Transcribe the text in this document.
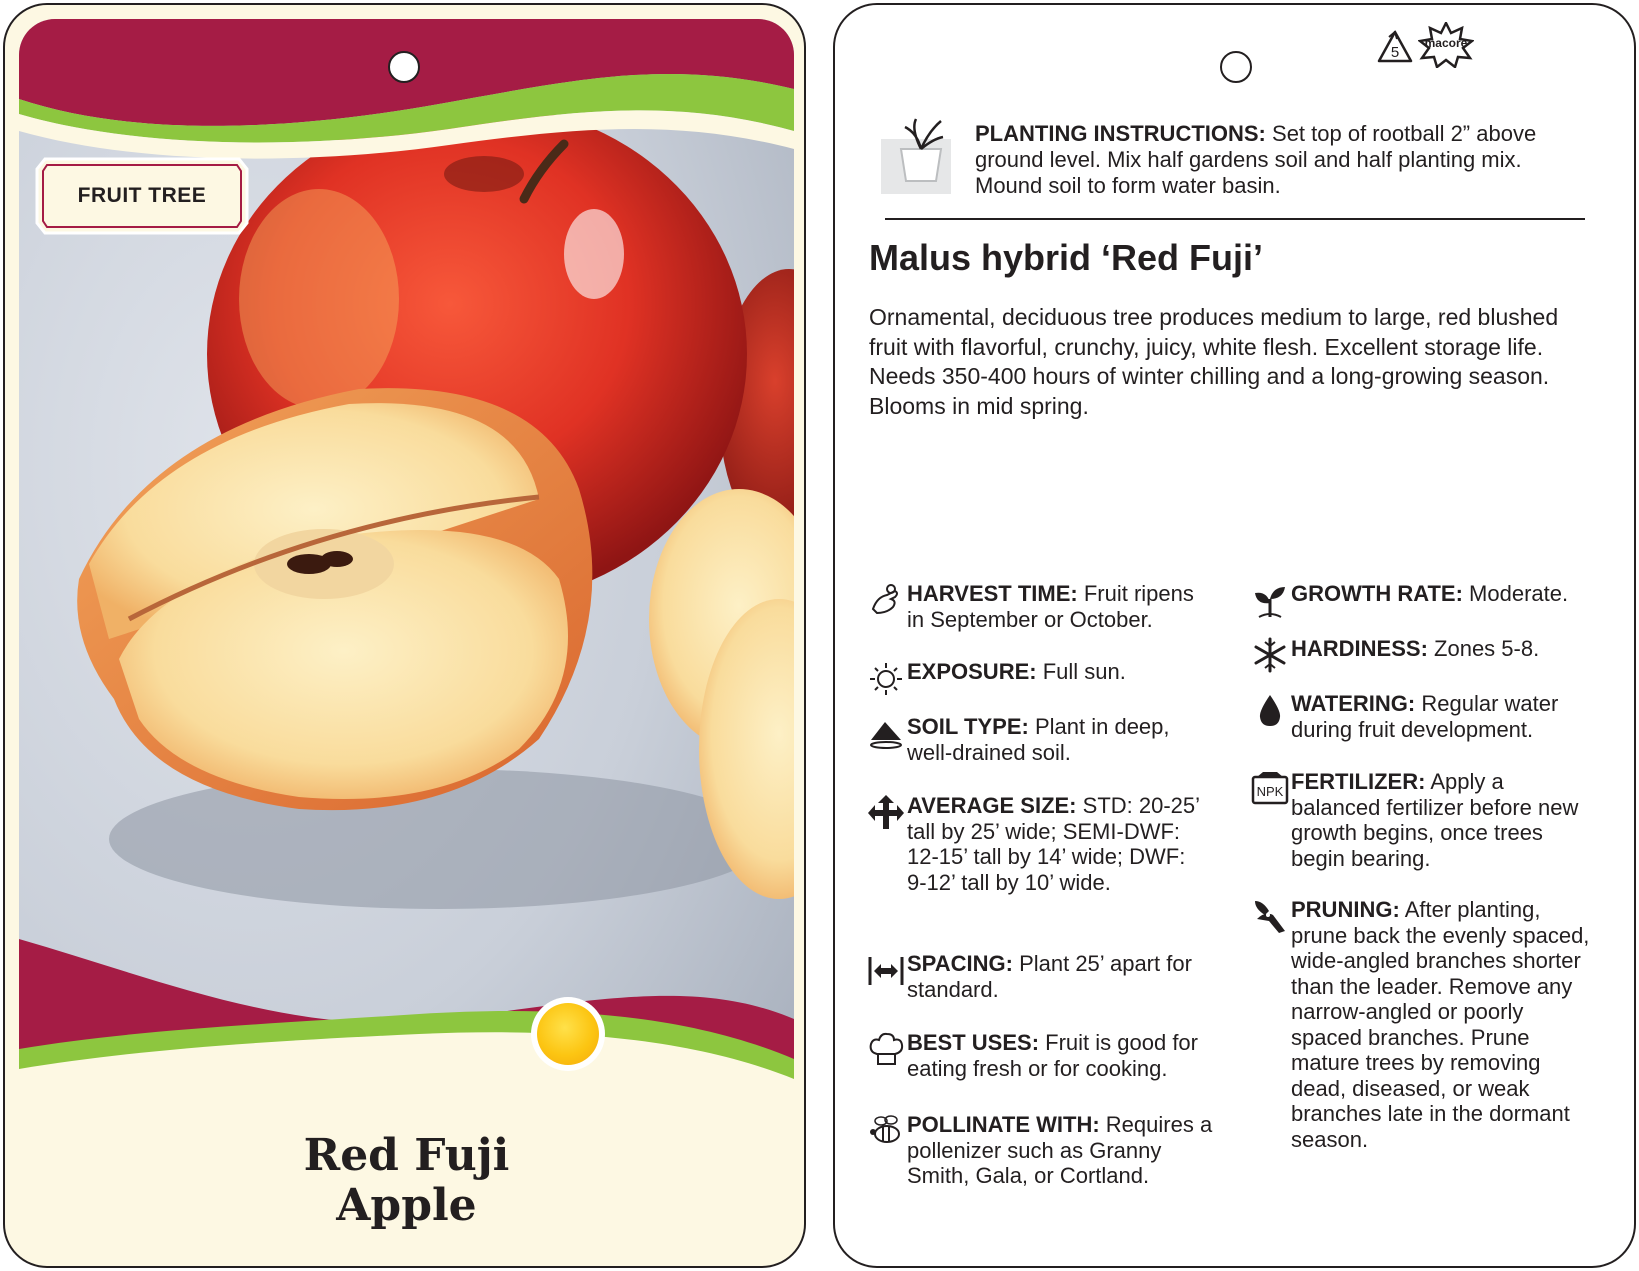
FRUIT TREE
Red Fuji
Apple
5
macore
PLANTING INSTRUCTIONS: Set top of rootball 2” above ground level. Mix half gardens soil and half planting mix. Mound soil to form water basin.
Malus hybrid ‘Red Fuji’
Ornamental, deciduous tree produces medium to large, red blushed fruit with flavorful, crunchy, juicy, white flesh. Excellent storage life. Needs 350-400 hours of winter chilling and a long-growing season. Blooms in mid spring.
HARVEST TIME: Fruit ripens in September or October.
EXPOSURE: Full sun.
SOIL TYPE: Plant in deep, well-drained soil.
AVERAGE SIZE: STD: 20-25’ tall by 25’ wide; SEMI-DWF: 12-15’ tall by 14’ wide; DWF: 9-12’ tall by 10’ wide.
SPACING: Plant 25’ apart for standard.
BEST USES: Fruit is good for eating fresh or for cooking.
POLLINATE WITH: Requires a pollenizer such as Granny Smith, Gala, or Cortland.
GROWTH RATE: Moderate.
HARDINESS: Zones 5-8.
WATERING: Regular water during fruit development.
NPK FERTILIZER: Apply a balanced fertilizer before new growth begins, once trees begin bearing.
PRUNING: After planting, prune back the evenly spaced, wide-angled branches shorter than the leader. Remove any narrow-angled or poorly spaced branches. Prune mature trees by removing dead, diseased, or weak branches late in the dormant season.
